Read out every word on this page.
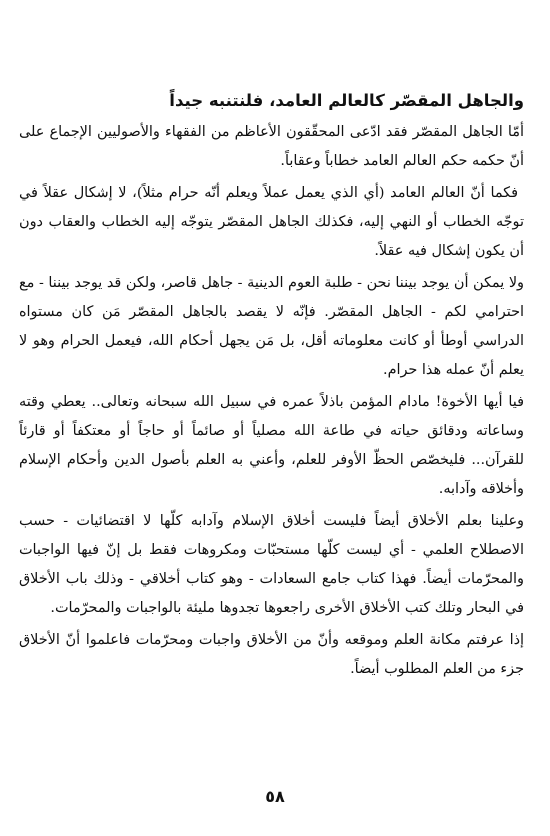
والجاهل المقصّر كالعالم العامد، فلنتنبه جيداً

أمّا الجاهل المقصّر فقد ادّعى المحقّقون الأعاظم من الفقهاء والأصوليين الإجماع على أنّ حكمه حكم العالم العامد خطاباً وعقاباً.

فكما أنّ العالم العامد (أي الذي يعمل عملاً ويعلم أنّه حرام مثلاً)، لا إشكال عقلاً في توجّه الخطاب أو النهي إليه، فكذلك الجاهل المقصّر يتوجّه إليه الخطاب والعقاب دون أن يكون إشكال فيه عقلاً.

ولا يمكن أن يوجد بيننا نحن - طلبة العوم الدينية - جاهل قاصر، ولكن قد يوجد بيننا - مع احترامي لكم - الجاهل المقصّر. فإنّه لا يقصد بالجاهل المقصّر مَن كان مستواه الدراسي أوطأ أو كانت معلوماته أقل، بل مَن يجهل أحكام الله، فيعمل الحرام وهو لا يعلم أنّ عمله هذا حرام.

فيا أيها الأخوة! مادام المؤمن باذلاً عمره في سبيل الله سبحانه وتعالى.. يعطي وقته وساعاته ودقائق حياته في طاعة الله مصلياً أو صائماً أو حاجاً أو معتكفاً أو قارئاً للقرآن... فليخصّص الحظّ الأوفر للعلم، وأعني به العلم بأصول الدين وأحكام الإسلام وأخلاقه وآدابه.

وعلينا بعلم الأخلاق أيضاً فليست أخلاق الإسلام وآدابه كلّها لا اقتضائيات - حسب الاصطلاح العلمي - أي ليست كلّها مستحبّات ومكروهات فقط بل إنّ فيها الواجبات والمحرّمات أيضاً. فهذا كتاب جامع السعادات - وهو كتاب أخلاقي - وذلك باب الأخلاق في البحار وتلك كتب الأخلاق الأخرى راجعوها تجدوها مليئة بالواجبات والمحرّمات.

إذا عرفتم مكانة العلم وموقعه وأنّ من الأخلاق واجبات ومحرّمات فاعلموا أنّ الأخلاق جزء من العلم المطلوب أيضاً.

٥٨
